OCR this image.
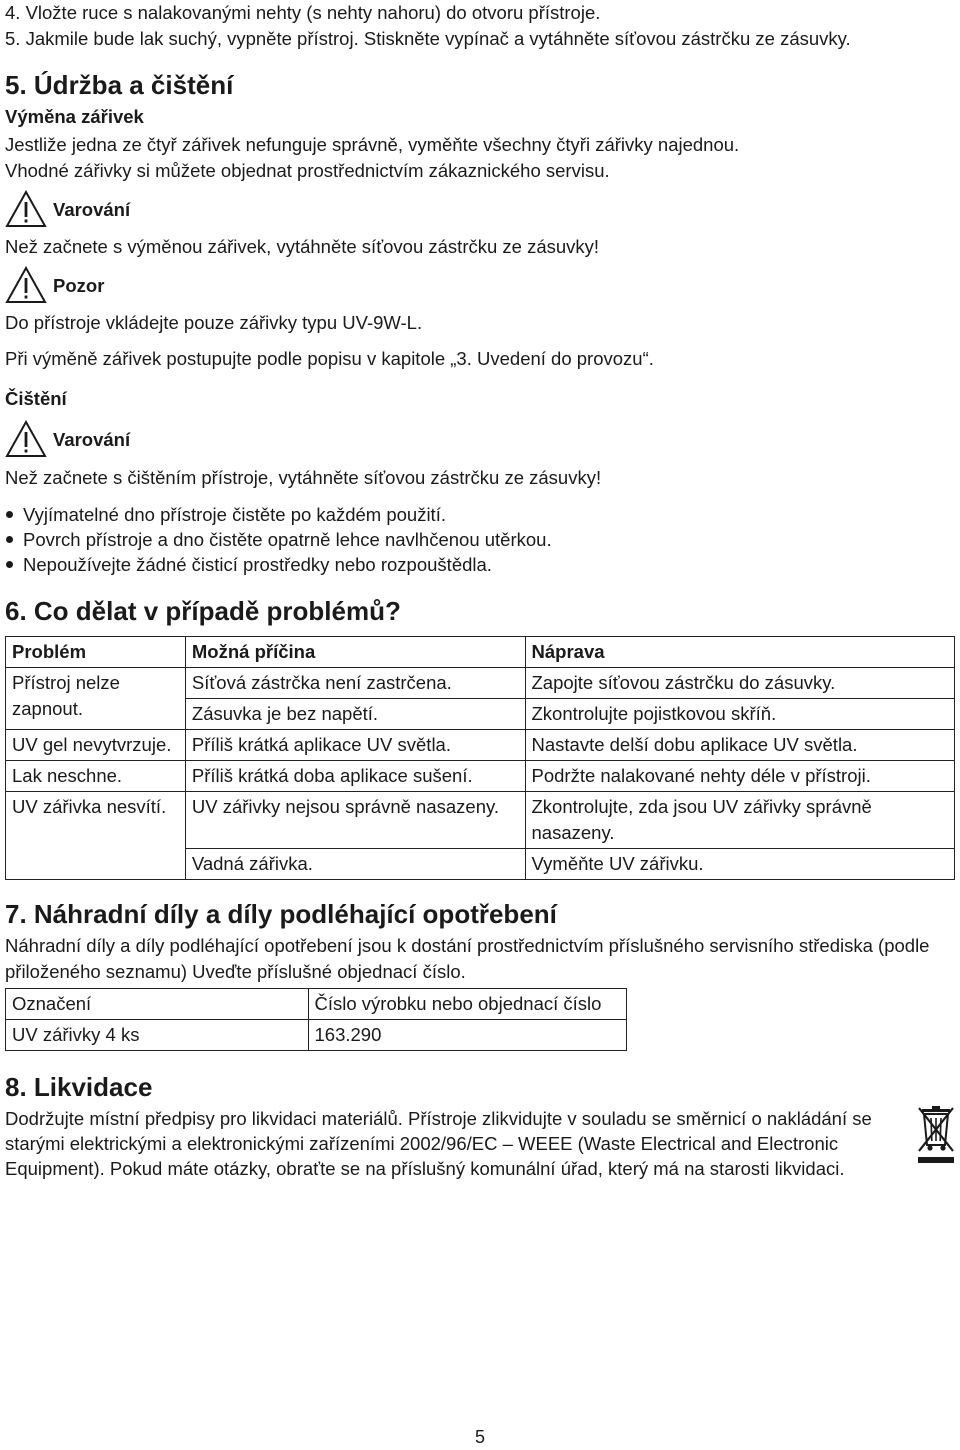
4. Vložte ruce s nalakovanými nehty (s nehty nahoru) do otvoru přístroje.

5. Jakmile bude lak suchý, vypněte přístroj. Stiskněte vypínač a vytáhněte síťovou zástrčku ze zásuvky.

5. Údržba a čištění
Výměna zářivek

Jestliže jedna ze čtyř zářivek nefunguje správně, vyměňte všechny čtyři zářivky najednou.

Vhodné zářivky si můžete objednat prostřednictvím zákaznického servisu.

Varování

Než začnete s výměnou zářivek, vytáhněte síťovou zástrčku ze zásuvky!

Pozor

Do přístroje vkládejte pouze zářivky typu UV-9W-L.

Při výměně zářivek postupujte podle popisu v kapitole „3. Uvedení do provozu“.

Čištění
Varování

Než začnete s čištěním přístroje, vytáhněte síťovou zástrčku ze zásuvky!

Vyjímatelné dno přístroje čistěte po každém použití.
Povrch přístroje a dno čistěte opatrně lehce navlhčenou utěrkou.
Nepoužívejte žádné čisticí prostředky nebo rozpouštědla.
6. Co dělat v případě problémů?
Problém	Možná příčina	Náprava
Přístroj nelze zapnout.	Síťová zástrčka není zastrčena.	Zapojte síťovou zástrčku do zásuvky.
	Zásuvka je bez napětí.	Zkontrolujte pojistkovou skříň.
UV gel nevytvrzuje.	Příliš krátká aplikace UV světla.	Nastavte delší dobu aplikace UV světla.
Lak neschne.	Příliš krátká doba aplikace sušení.	Podržte nalakované nehty déle v přístroji.
UV zářivka nesvítí.	UV zářivky nejsou správně nasazeny.	Zkontrolujte, zda jsou UV zářivky správně nasazeny.
	Vadná zářivka.	Vyměňte UV zářivku.
7. Náhradní díly a díly podléhající opotřebení

Náhradní díly a díly podléhající opotřebení jsou k dostání prostřednictvím příslušného servisního střediska (podle přiloženého seznamu) Uveďte příslušné objednací číslo.

Označení	Číslo výrobku nebo objednací číslo
UV zářivky 4 ks	163.290
8. Likvidace

Dodržujte místní předpisy pro likvidaci materiálů. Přístroje zlikvidujte v souladu se směrnicí o nakládání se starými elektrickými a elektronickými zařízeními 2002/96/EC – WEEE (Waste Electrical and Electronic Equipment). Pokud máte otázky, obraťte se na příslušný komunální úřad, který má na starosti likvidaci.

5
